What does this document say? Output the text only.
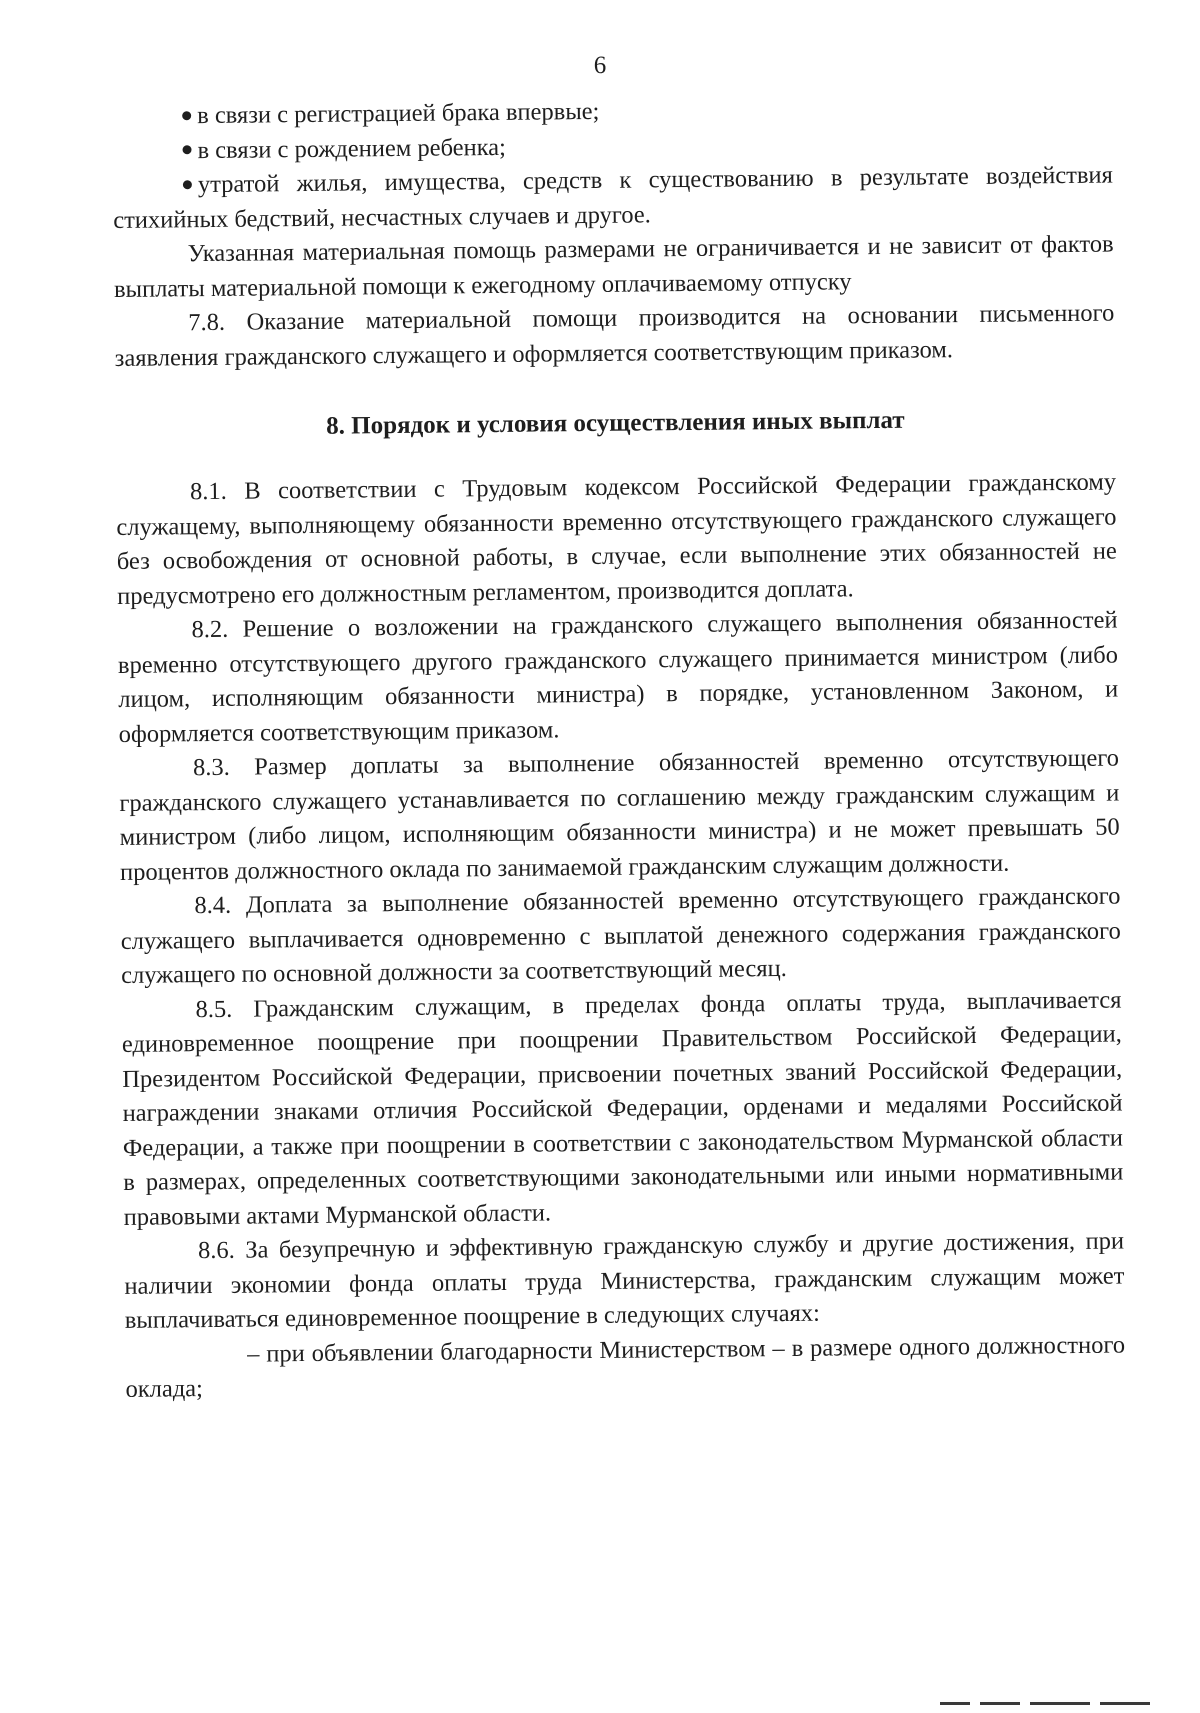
6

в связи с регистрацией брака впервые;

в связи с рождением ребенка;

утратой жилья, имущества, средств к существованию в результате воздействия стихийных бедствий, несчастных случаев и другое.

Указанная материальная помощь размерами не ограничивается и не зависит от фактов выплаты материальной помощи к ежегодному оплачиваемому отпуску

7.8. Оказание материальной помощи производится на основании письменного заявления гражданского служащего и оформляется соответствующим приказом.

8. Порядок и условия осуществления иных выплат

8.1. В соответствии с Трудовым кодексом Российской Федерации гражданскому служащему, выполняющему обязанности временно отсутствующего гражданского служащего без освобождения от основной работы, в случае, если выполнение этих обязанностей не предусмотрено его должностным регламентом, производится доплата.

8.2. Решение о возложении на гражданского служащего выполнения обязанностей временно отсутствующего другого гражданского служащего принимается министром (либо лицом, исполняющим обязанности министра) в порядке, установленном Законом, и оформляется соответствующим приказом.

8.3. Размер доплаты за выполнение обязанностей временно отсутствующего гражданского служащего устанавливается по соглашению между гражданским служащим и министром (либо лицом, исполняющим обязанности министра) и не может превышать 50 процентов должностного оклада по занимаемой гражданским служащим должности.

8.4. Доплата за выполнение обязанностей временно отсутствующего гражданского служащего выплачивается одновременно с выплатой денежного содержания гражданского служащего по основной должности за соответствующий месяц.

8.5. Гражданским служащим, в пределах фонда оплаты труда, выплачивается единовременное поощрение при поощрении Правительством Российской Федерации, Президентом Российской Федерации, присвоении почетных званий Российской Федерации, награждении знаками отличия Российской Федерации, орденами и медалями Российской Федерации, а также при поощрении в соответствии с законодательством Мурманской области в размерах, определенных соответствующими законодательными или иными нормативными правовыми актами Мурманской области.

8.6. За безупречную и эффективную гражданскую службу и другие достижения, при наличии экономии фонда оплаты труда Министерства, гражданским служащим может выплачиваться единовременное поощрение в следующих случаях:

– при объявлении благодарности Министерством – в размере одного должностного оклада;
